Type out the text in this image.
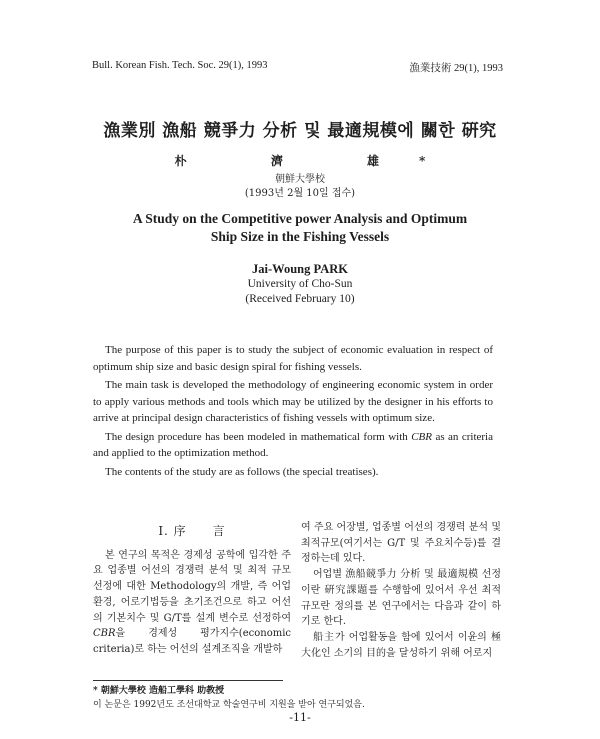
Bull. Korean Fish. Tech. Soc. 29(1), 1993	漁業技術 29(1), 1993
漁業別 漁船 競爭力 分析 및 最適規模에 關한 硏究
朴 濟 雄*
朝鮮大學校
(1993년 2월 10일 접수)
A Study on the Competitive power Analysis and Optimum
Ship Size in the Fishing Vessels
Jai-Woung PARK
University of Cho-Sun
(Received February 10)

The purpose of this paper is to study the subject of economic evaluation in respect of optimum ship size and basic design spiral for fishing vessels.

The main task is developed the methodology of engineering economic system in order to apply various methods and tools which may be utilized by the designer in his efforts to arrive at principal design characteristics of fishing vessels with optimum size.

The design procedure has been modeled in mathematical form with CBR as an criteria and applied to the optimization method.

The contents of the study are as follows (the special treatises).

I. 序　　言

본 연구의 목적은 경제성 공학에 입각한 주요 업종별 어선의 경쟁력 분석 및 최적 규모 선정에 대한 Methodology의 개발, 즉 어업환경, 어로기법등을 초기조건으로 하고 어선의 기본치수 및 G/T를 설계 변수로 선정하여 CBR을 경제성 평가지수(economic criteria)로 하는 어선의 설계조직을 개발하

여 주요 어장별, 업종별 어선의 경쟁력 분석 및 최적규모(여기서는 G/T 및 주요치수등)를 결정하는데 있다.

어업별 漁船競爭力 分析 및 最適規模 선정이란 硏究課題를 수행함에 있어서 우선 최적 규모란 정의를 본 연구에서는 다음과 같이 하기로 한다.

船主가 어업활동을 함에 있어서 이윤의 極大化인 소기의 目的을 달성하기 위해 어로지

* 朝鮮大學校 造船工學科 助教授
이 논문은 1992년도 조선대학교 학술연구비 지원을 받아 연구되었음.
-11-
